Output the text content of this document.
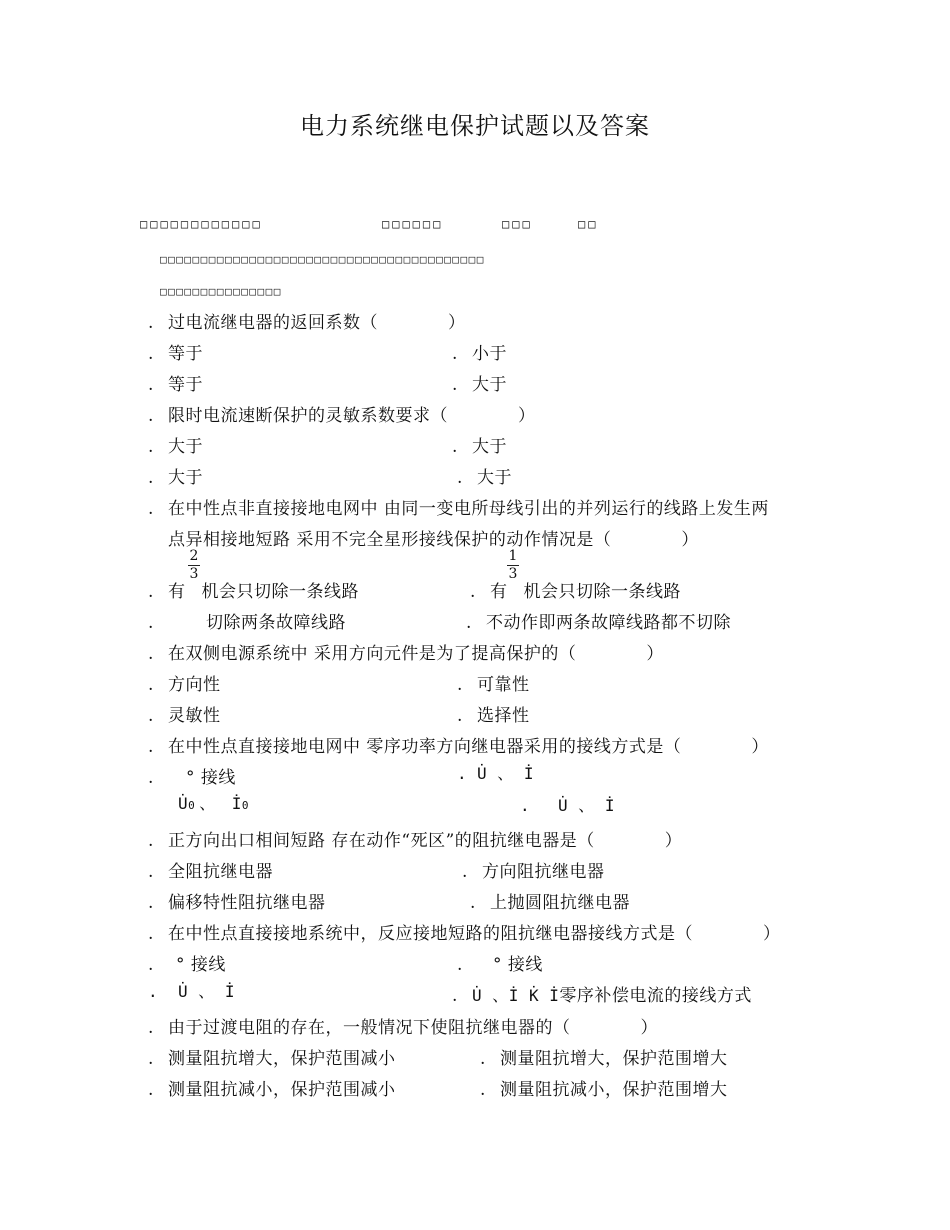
电力系统继电保护试题以及答案
□□□□□□□□□□□□	□□□□□□	□□□	□□
□□□□□□□□□□□□□□□□□□□□□□□□□□□□□□□□□□□□□□□□
□□□□□□□□□□□□□□□
. 过电流继电器的返回系数（　　　　）
. 等于	. 小于
. 等于	. 大于
. 限时电流速断保护的灵敏系数要求（　　　　）
. 大于	. 大于
. 大于	. 大于
. 在中性点非直接接地电网中 由同一变电所母线引出的并列运行的线路上发生两
点异相接地短路 采用不完全星形接线保护的动作情况是（　　　　）
$\frac{2}{3}$	$\frac{1}{3}$
. 有 机会只切除一条线路	. 有 机会只切除一条线路
.	切除两条故障线路	. 不动作即两条故障线路都不切除
. 在双侧电源系统中 采用方向元件是为了提高保护的（　　　　）
. 方向性	. 可靠性
. 灵敏性	. 选择性
. 在中性点直接接地电网中 零序功率方向继电器采用的接线方式是（　　　　）
. ° 接线	. U̇ 、 İ
U̇0 、 İ0	. U̇ 、 İ
. 正方向出口相间短路 存在动作“死区”的阻抗继电器是（　　　　）
. 全阻抗继电器	. 方向阻抗继电器
. 偏移特性阻抗继电器	. 上抛圆阻抗继电器
. 在中性点直接接地系统中，反应接地短路的阻抗继电器接线方式是（　　　　）
. ° 接线	. ° 接线
. U̇ 、 İ	. U̇ 、İ K̇ İ零序补偿电流的接线方式
. 由于过渡电阻的存在，一般情况下使阻抗继电器的（　　　　）
. 测量阻抗增大，保护范围减小	. 测量阻抗增大，保护范围增大
. 测量阻抗减小，保护范围减小	. 测量阻抗减小，保护范围增大
